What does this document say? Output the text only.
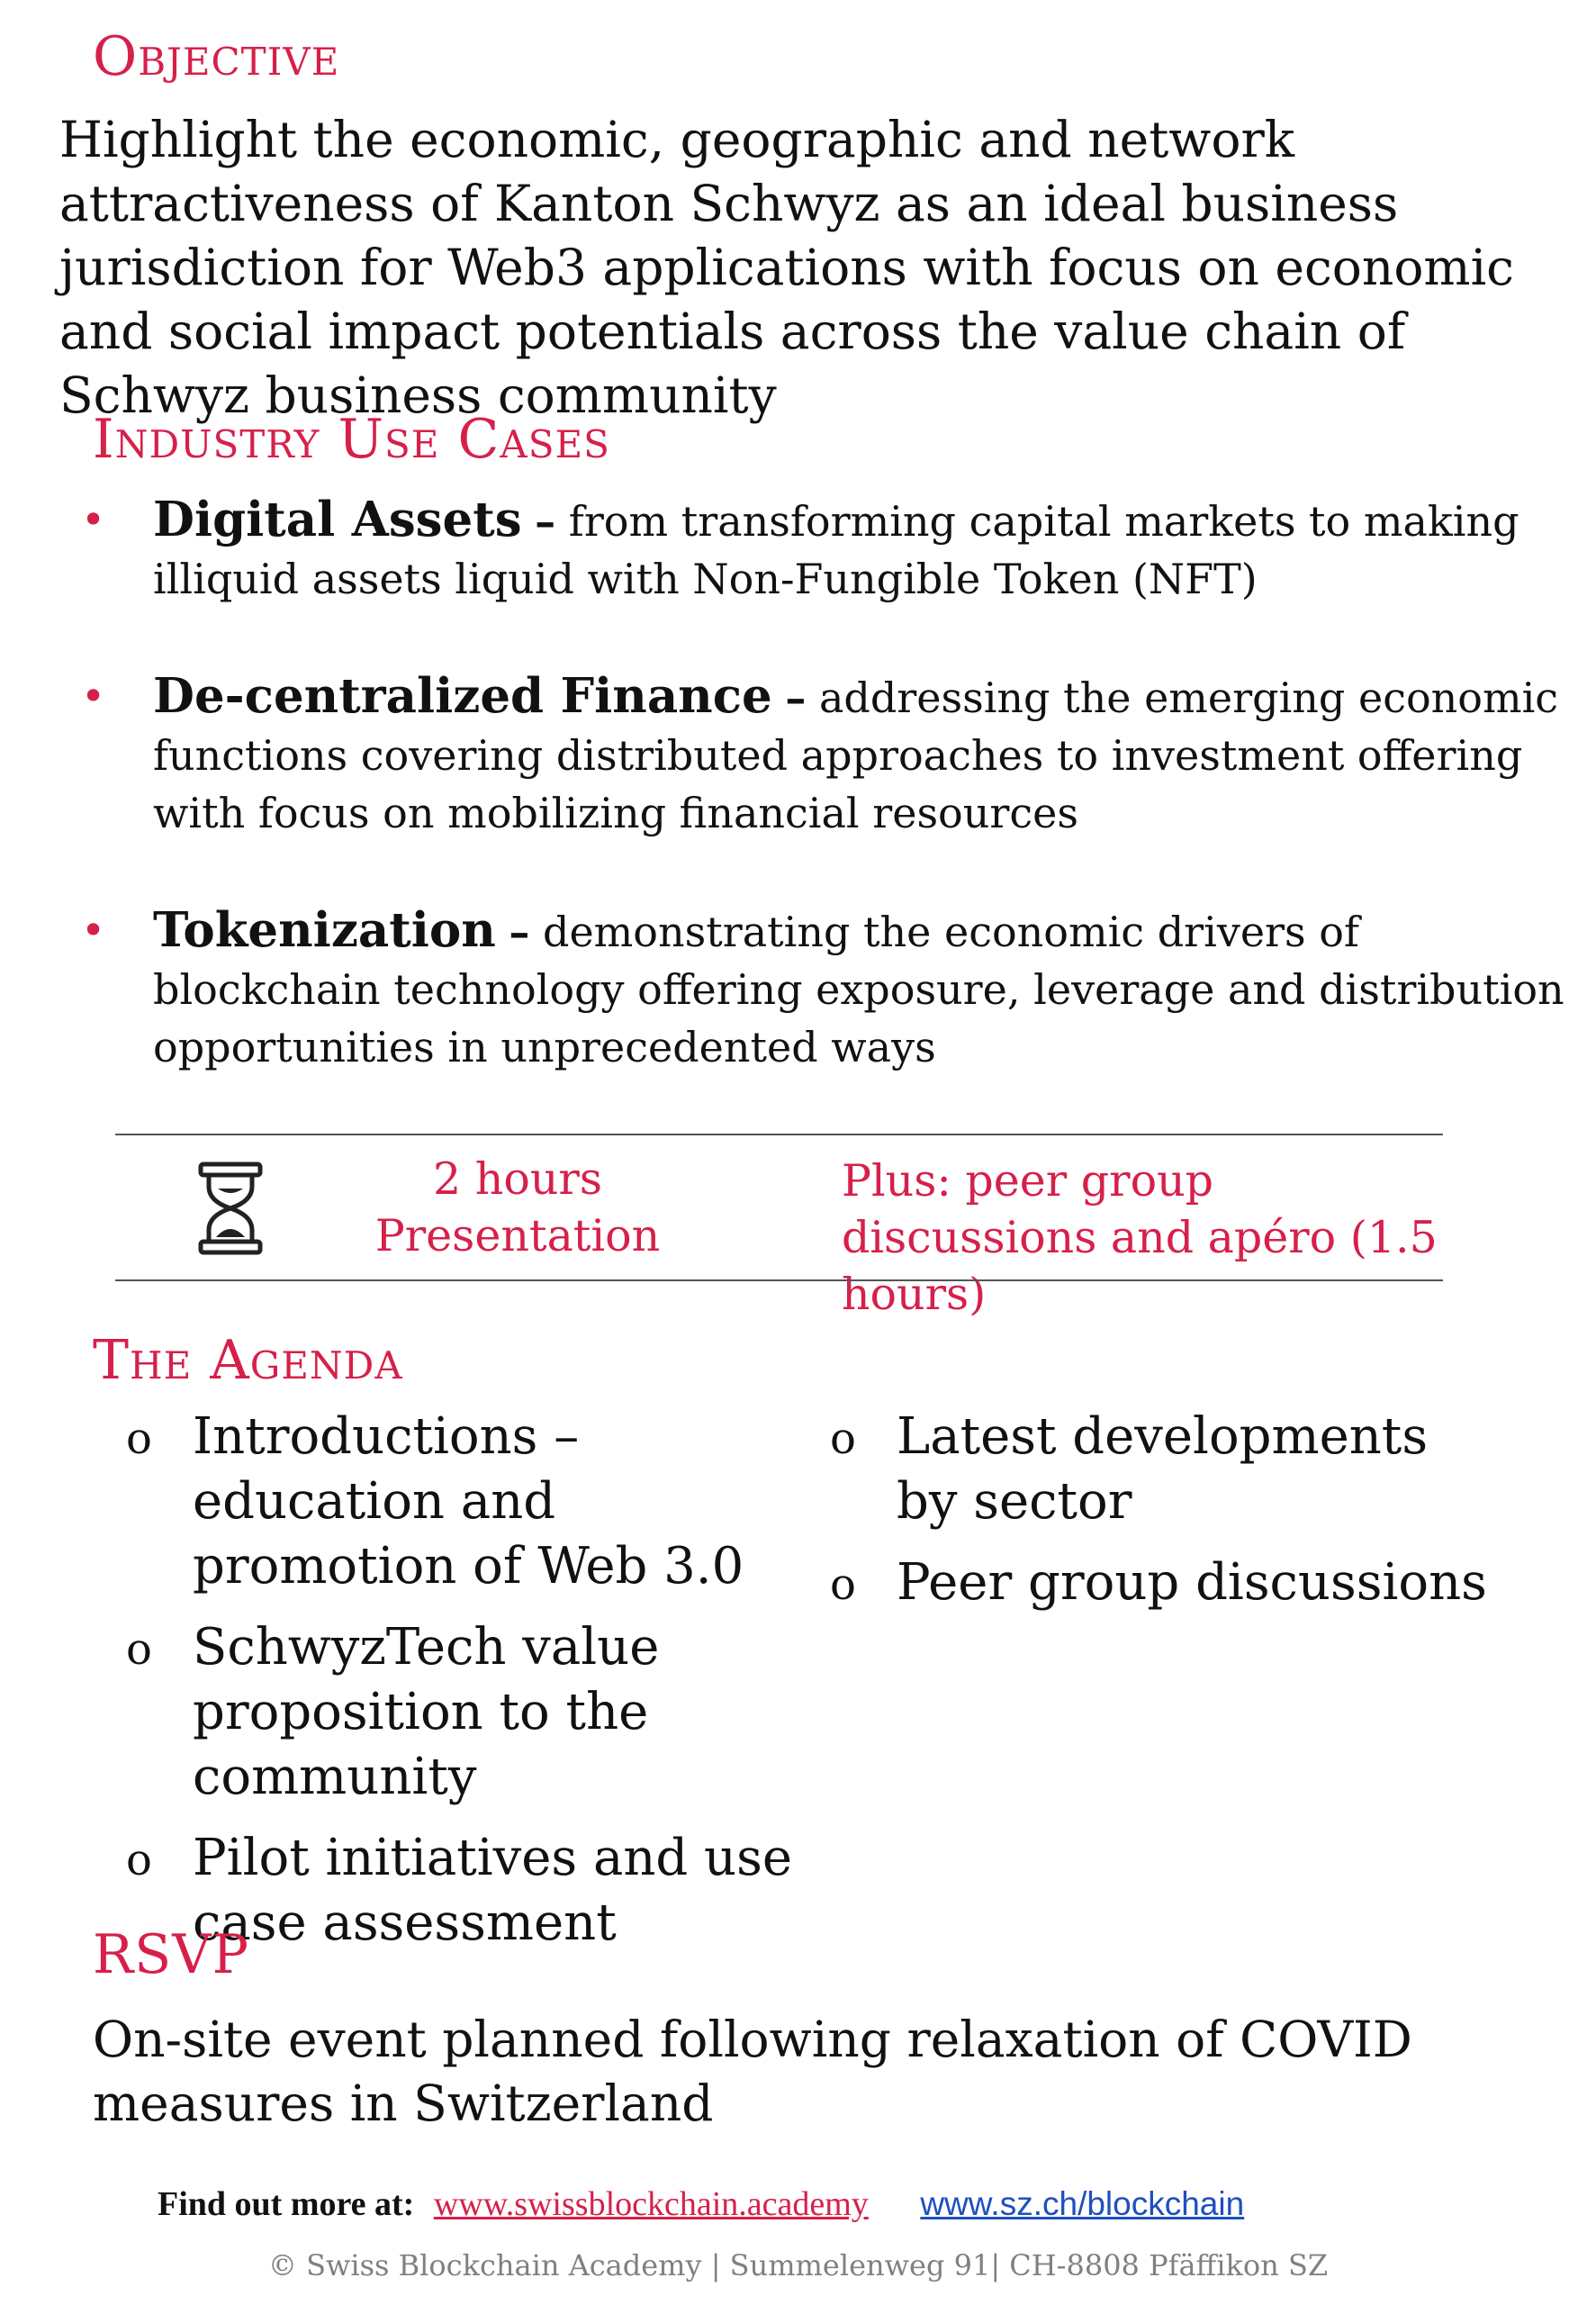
Objective

Highlight the economic, geographic and network attractiveness of Kanton Schwyz as an ideal business jurisdiction for Web3 applications with focus on economic and social impact potentials across the value chain of Schwyz business community

Industry Use Cases
• Digital Assets – from transforming capital markets to making illiquid assets liquid with Non-Fungible Token (NFT)
• De-centralized Finance – addressing the emerging economic functions covering distributed approaches to investment offering with focus on mobilizing financial resources
• Tokenization – demonstrating the economic drivers of blockchain technology offering exposure, leverage and distribution opportunities in unprecedented ways
2 hours
Presentation
Plus: peer group discussions and apéro (1.5 hours)
The Agenda
o Introductions – education and promotion of Web 3.0
o SchwyzTech value proposition to the community
o Pilot initiatives and use case assessment
o Latest developments by sector
o Peer group discussions
RSVP

On-site event planned following relaxation of COVID measures in Switzerland

Find out more at: www.swissblockchain.academy www.sz.ch/blockchain
© Swiss Blockchain Academy | Summelenweg 91| CH-8808 Pfäffikon SZ
